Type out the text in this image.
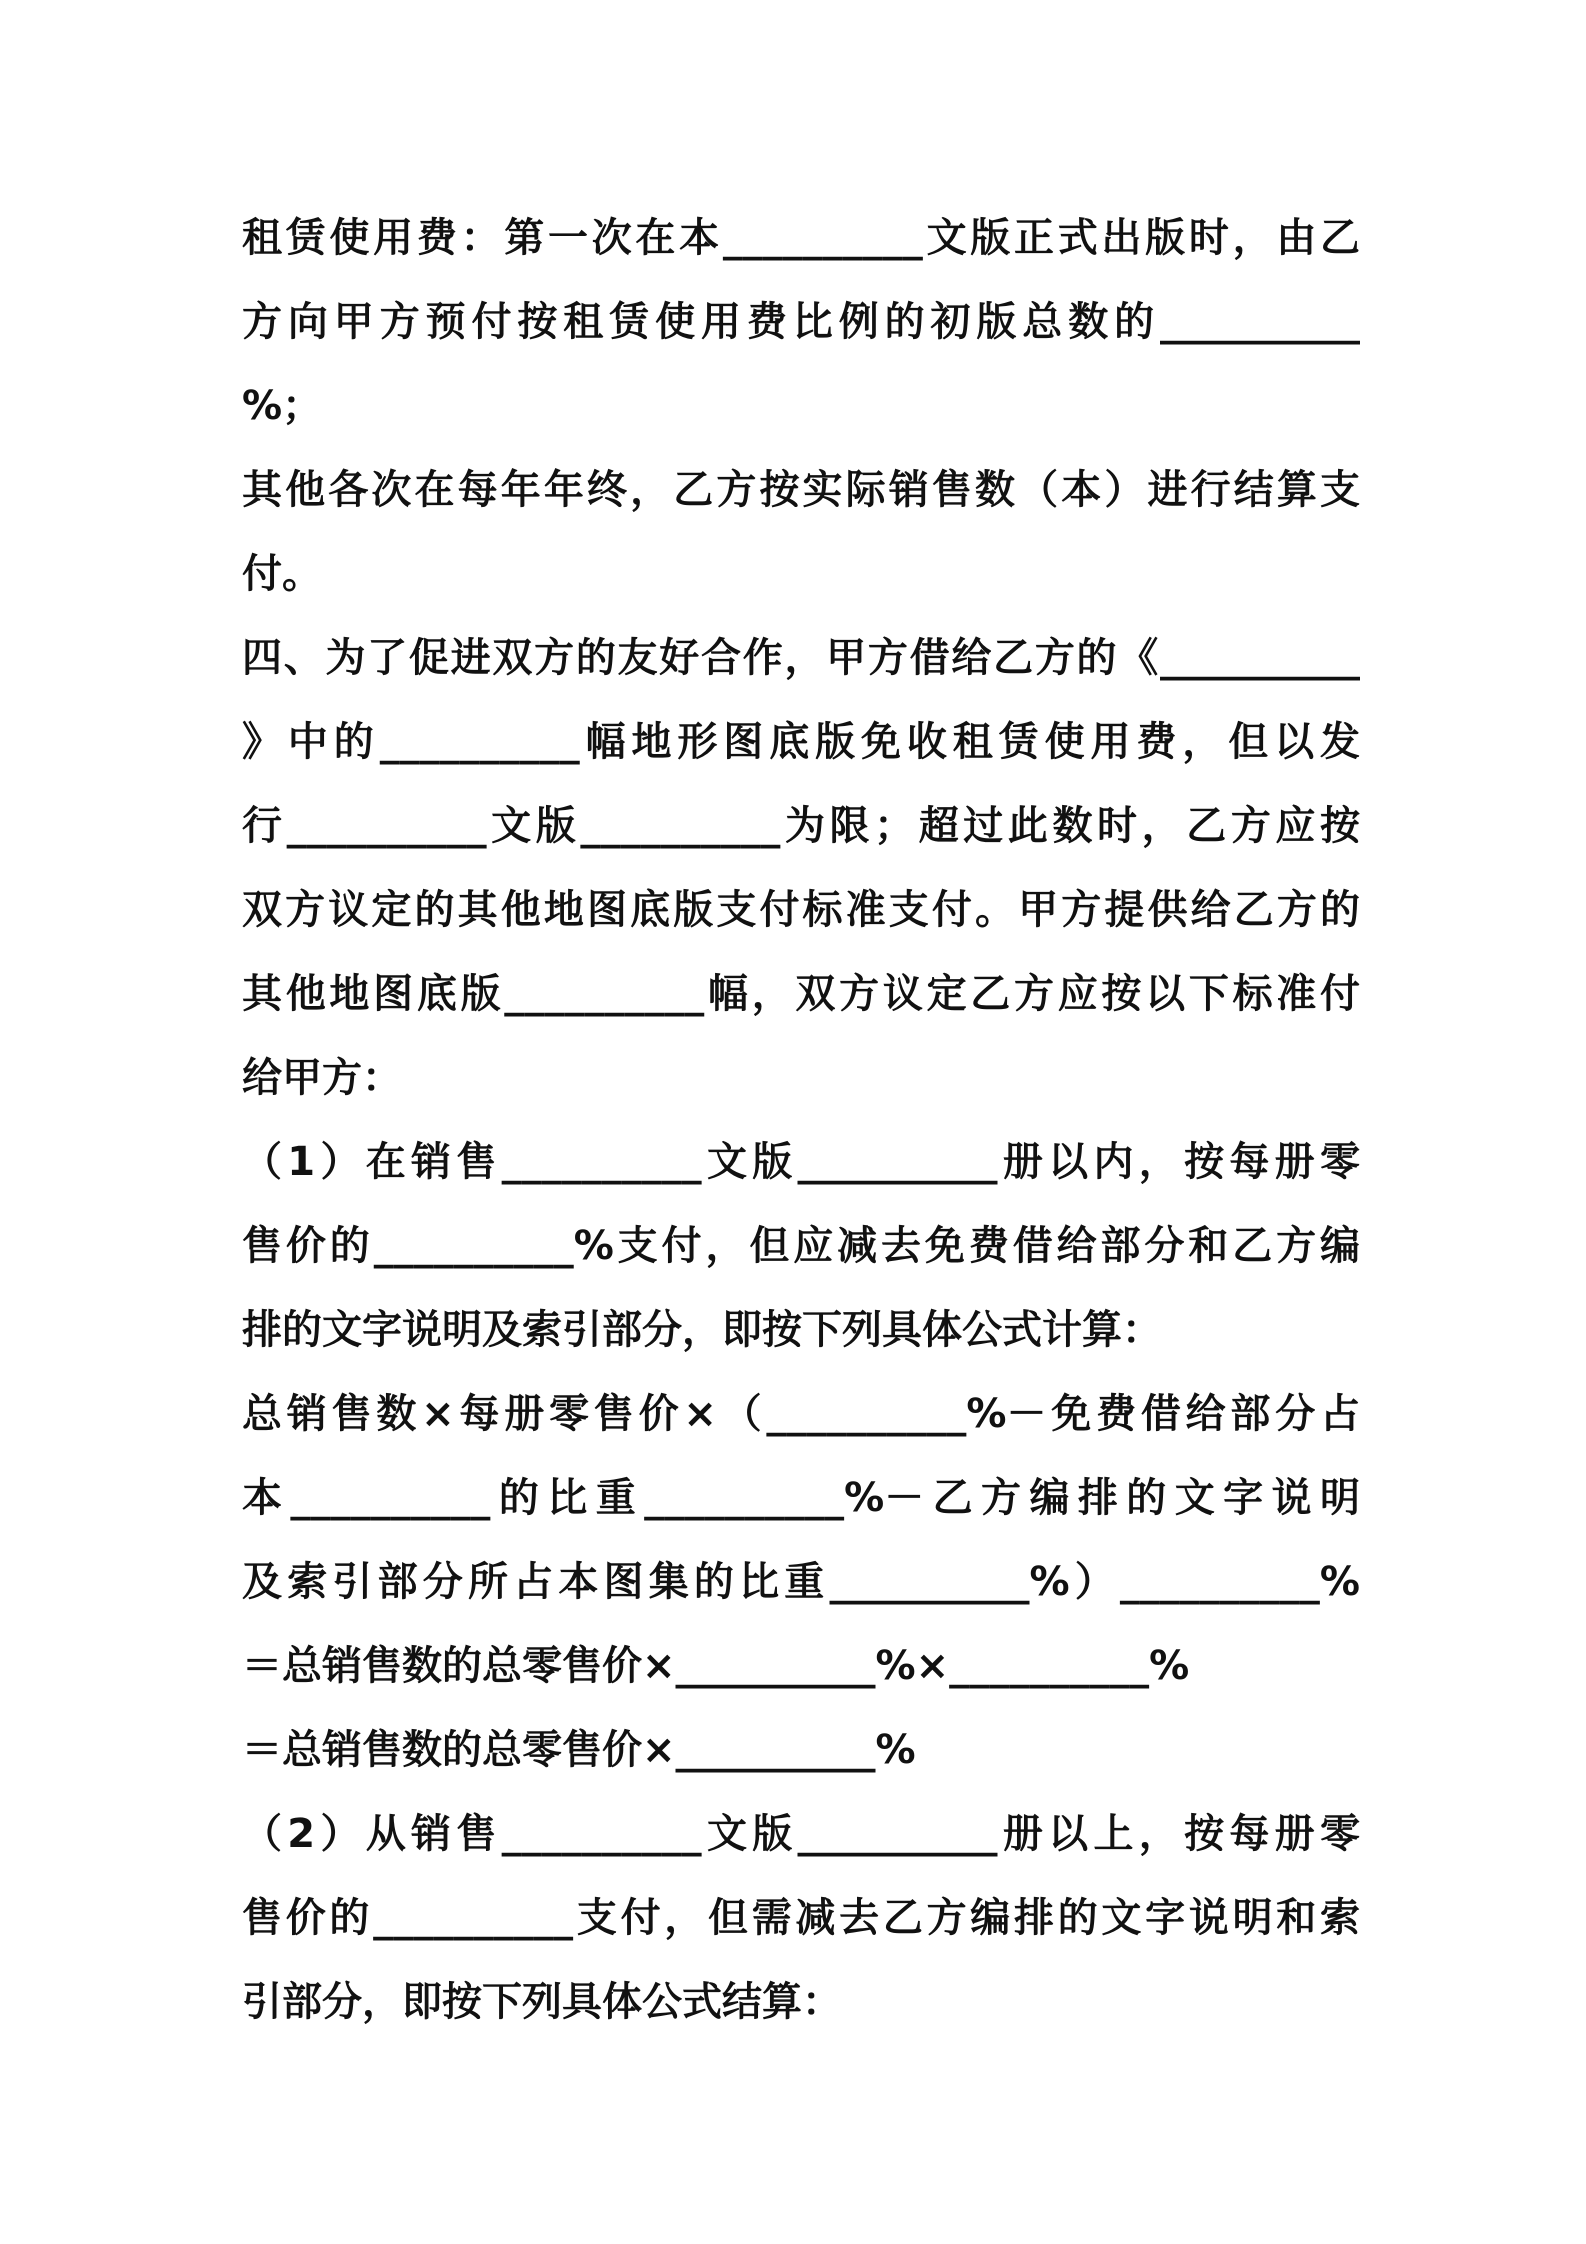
租赁使用费：第一次在本__________文版正式出版时，由乙
方向甲方预付按租赁使用费比例的初版总数的__________
%；
其他各次在每年年终，乙方按实际销售数（本）进行结算支
付。
四、为了促进双方的友好合作，甲方借给乙方的《__________
》中的__________幅地形图底版免收租赁使用费，但以发
行__________文版__________为限；超过此数时，乙方应按
双方议定的其他地图底版支付标准支付。甲方提供给乙方的
其他地图底版__________幅，双方议定乙方应按以下标准付
给甲方：
（1）在销售__________文版__________册以内，按每册零
售价的__________%支付，但应减去免费借给部分和乙方编
排的文字说明及索引部分，即按下列具体公式计算：
总销售数×每册零售价×（__________%－免费借给部分占
本__________的比重__________%－乙方编排的文字说明
及索引部分所占本图集的比重__________%）__________%
＝总销售数的总零售价×__________%×__________%
＝总销售数的总零售价×__________%
（2）从销售__________文版__________册以上，按每册零
售价的__________支付，但需减去乙方编排的文字说明和索
引部分，即按下列具体公式结算：
